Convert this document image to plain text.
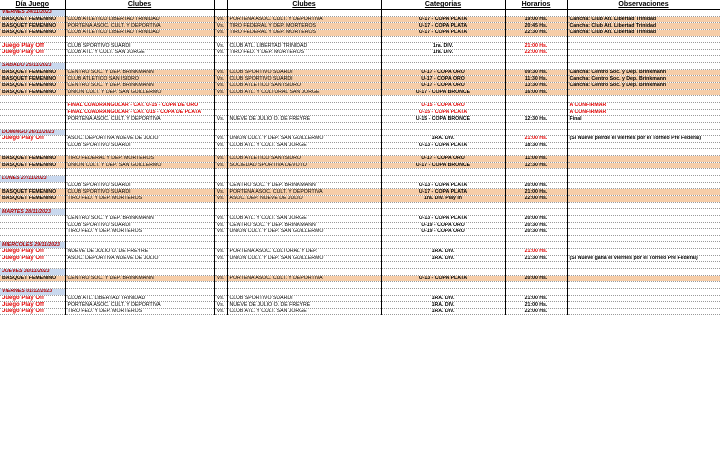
Día Juego	Clubes		Clubes	Categorias	Horarios	Observaciones
VIERNES 24/11/2023						
BASQUET FEMENINO	CLUB ATLETICO LIBERTAD TRINIDAD	Vs.	PORTEÑA ASOC. CULT. Y DEPORTIVA	U-17 - COPA PLATA	19:00 Hs.	Cancha: Club Atl. Libertad Trinidad
BASQUET FEMENINO	PORTEÑA ASOC. CULT. Y DEPORTIVA	Vs.	TIRO FEDERAL Y DEP. MORTEROS	U-17 - COPA PLATA	20:45 Hs.	Cancha: Club Atl. Libertad Trinidad
BASQUET FEMENINO	CLUB ATLETICO LIBERTAD TRINIDAD	Vs.	TIRO FEDERAL Y DEP. MORTEROS	U-17 - COPA PLATA	22:30 Hs.	Cancha: Club Atl. Libertad Trinidad

Juego Play Off	CLUB SPORTIVO SUARDI	Vs.	CLUB ATL. LIBERTAD TRINIDAD	1ra. DIV.	21:00 Hs.	
Juego Play Off	CLUB ATL. Y CULT. SAN JORGE	Vs.	TIRO FED. Y DEP. MORTEROS	1ra. DIV.	22:00 Hs.	

SABADO 25/11/2023						
BASQUET FEMENINO	CENTRO SOC. Y DEP. BRINKMANN	Vs.	CLUB SPORTIVO SUARDI	U-17 - COPA ORO	09:30 Hs.	Cancha: Centro Soc. y Dep. Brinkmann
BASQUET FEMENINO	CLUB ATLETICO SAN ISIDRO	Vs.	CLUB SPORTIVO SUARDI	U-17 - COPA ORO	11:30 Hs.	Cancha: Centro Soc. y Dep. Brinkmann
BASQUET FEMENINO	CENTRO SOC. Y DEP. BRINKMANN	Vs.	CLUB ATLETICO SAN ISIDRO	U-17 - COPA ORO	13:30 Hs.	Cancha: Centro Soc. y Dep. Brinkmann
BASQUET FEMENINO	UNION CULT. Y DEP. SAN GUILLERMO	Vs.	CLUB ATL. Y CULTURAL SAN JORGE	U-17 - COPA BRONCE	16:00 Hs.	

	FINAL CUADRANGULAR - CAT. U-15 - COPA DE ORO			U-15 - COPA ORO		A CONFIRMAR
	FINAL CUADRANGULAR - CAT. U15 - COPA DE PLATA			U-15 - COPA PLATA		A CONFIRMAR
	PORTEÑA ASOC. CULT. Y DEPORTIVA	Vs.	NUEVE DE JULIO O. DE FREYRE	U-15 - COPA BRONCE	12:30 Hs.	Final

DOMINGO 26/11/2023						
Juego Play Off	ASOC. DEPORTIVA NUEVE DE JULIO	Vs.	UNION CULT. Y DEP. SAN GUILLERMO	1RA. DIV.	21:00 Hs.	(Si Nueve pierde el viernes por el Torneo Pre Federal)
	CLUB SPORTIVO SUARDI	Vs.	CLUB ATL. Y CULT. SAN JORGE	U-13 - COPA PLATA	18:30 Hs.	

BASQUET FEMENINO	TIRO FEDERAL Y DEP. MORTEROS	Vs.	CLUB ATLETICO SAN ISIDRO	U-17 - COPA ORO	11:00 Hs.	
BASQUET FEMENINO	UNION CULT. Y DEP. SAN GUILLERMO	Vs.	SOCIEDAD SPORTIVA DEVOTO	U-17 - COPA BRONCE	12:30 Hs.	

LUNES 27/11/2023						
	CLUB SPORTIVO SUARDI	Vs.	CENTRO SOC. Y DEP. BRINKMANN	U-13 - COPA PLATA	20:00 Hs.	
BASQUET FEMENINO	CLUB SPORTIVO SUARDI	Vs.	PORTEÑA ASOC. CULT. Y DEPORTIVA	U-17 - COPA PLATA	21:00 Hs.	
BASQUET FEMENINO	TIRO FED. Y DEP. MORTEROS	Vs.	ASOC. DEP. NUEVE DE JULIO	1ra. Div. Play In	22:00 Hs.	

MARTES 28/11/2023						
	CENTRO SOC. Y DEP. BRINKMANN	Vs.	CLUB ATL. Y CULT. SAN JORGE	U-13 - COPA PLATA	20:00 Hs.	
	CLUB SPORTIVO SUARDI	Vs.	CENTRO SOC. Y DEP. BRINKMANN	U-19 - COPA ORO	20:30 Hs.	
	TIRO FED. Y DEP. MORTEROS	Vs.	UNION CULT. Y DEP. SAN GUILLERMO	U-19 - COPA ORO	20:30 Hs.	

MIERCOLES 29/11/2023						
Juego Play Off	NUEVE DE JULIO O. DE FREYRE	Vs.	PORTEÑA ASOC. CULTURAL Y DEP.	1RA. DIV.	21:00 Hs.	
Juego Play Off	ASOC. DEPORTIVA NUEVE DE JULIO	Vs.	UNION CULT. Y DEP. SAN GUILLERMO	1RA. DIV.	21:30 Hs.	(Si Nueve gana el viernes por el Torneo Pre Federal)

JUEVES 30/11/2023						
BASQUET FEMENINO	CENTRO SOC. Y DEP. BRINKMANN	Vs.	PORTEÑA ASOC. CULT. Y DEPORTIVA	U-13 - COPA PLATA	20:00 Hs.	

VIERNES 01/12/2023						
Juego Play Off	CLUB ATL. LIBERTAD TRINIDAD	Vs.	CLUB SPORTIVO SUARDI	1RA. DIV.	21:00 Hs.	
Juego Play Off	PORTEÑA ASOC. CULT. Y DEPORTIVA	Vs.	NUEVE DE JULIO O. DE FREYRE	1RA. DIV.	21:00 Hs.	
Juego Play Off	TIRO FED. Y DEP. MORTEROS	Vs.	CLUB ATL. Y CULT. SAN JORGE	1RA. DIV.	22:00 Hs.	
